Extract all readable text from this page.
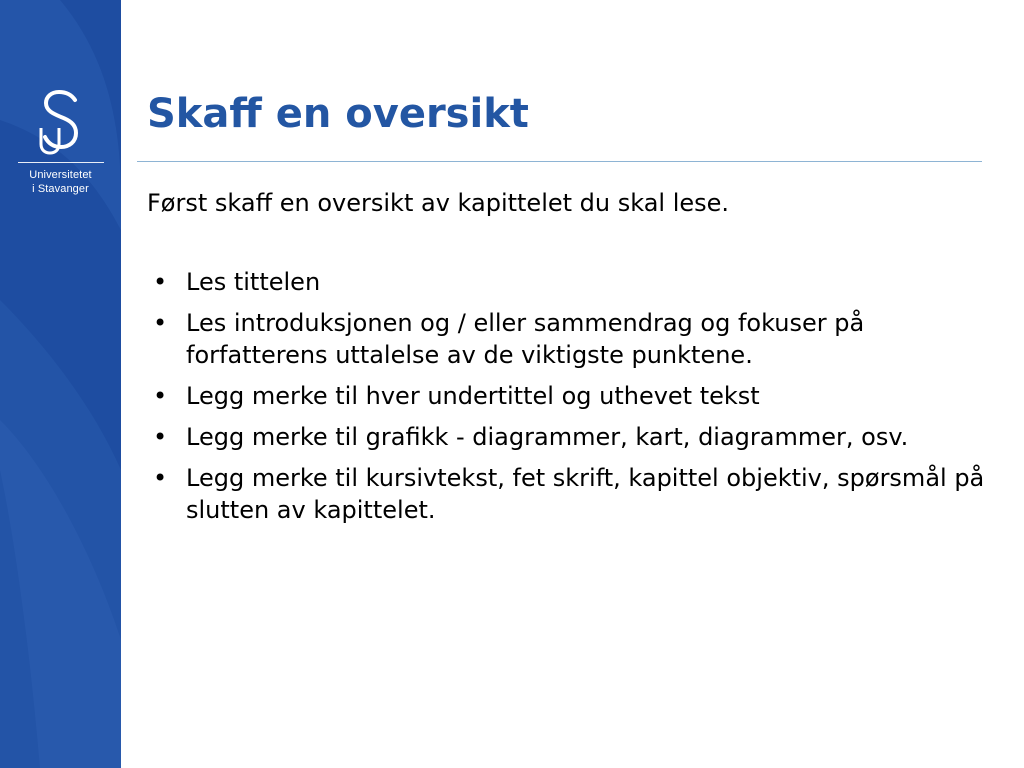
Universitetet
i Stavanger
Skaff en oversikt

Først skaff en oversikt av kapittelet du skal lese.

• Les tittelen
• Les introduksjonen og / eller sammendrag og fokuser på forfatterens uttalelse av de viktigste punktene.
• Legg merke til hver undertittel og uthevet tekst
• Legg merke til grafikk - diagrammer, kart, diagrammer, osv.
• Legg merke til kursivtekst, fet skrift, kapittel objektiv, spørsmål på slutten av kapittelet.
